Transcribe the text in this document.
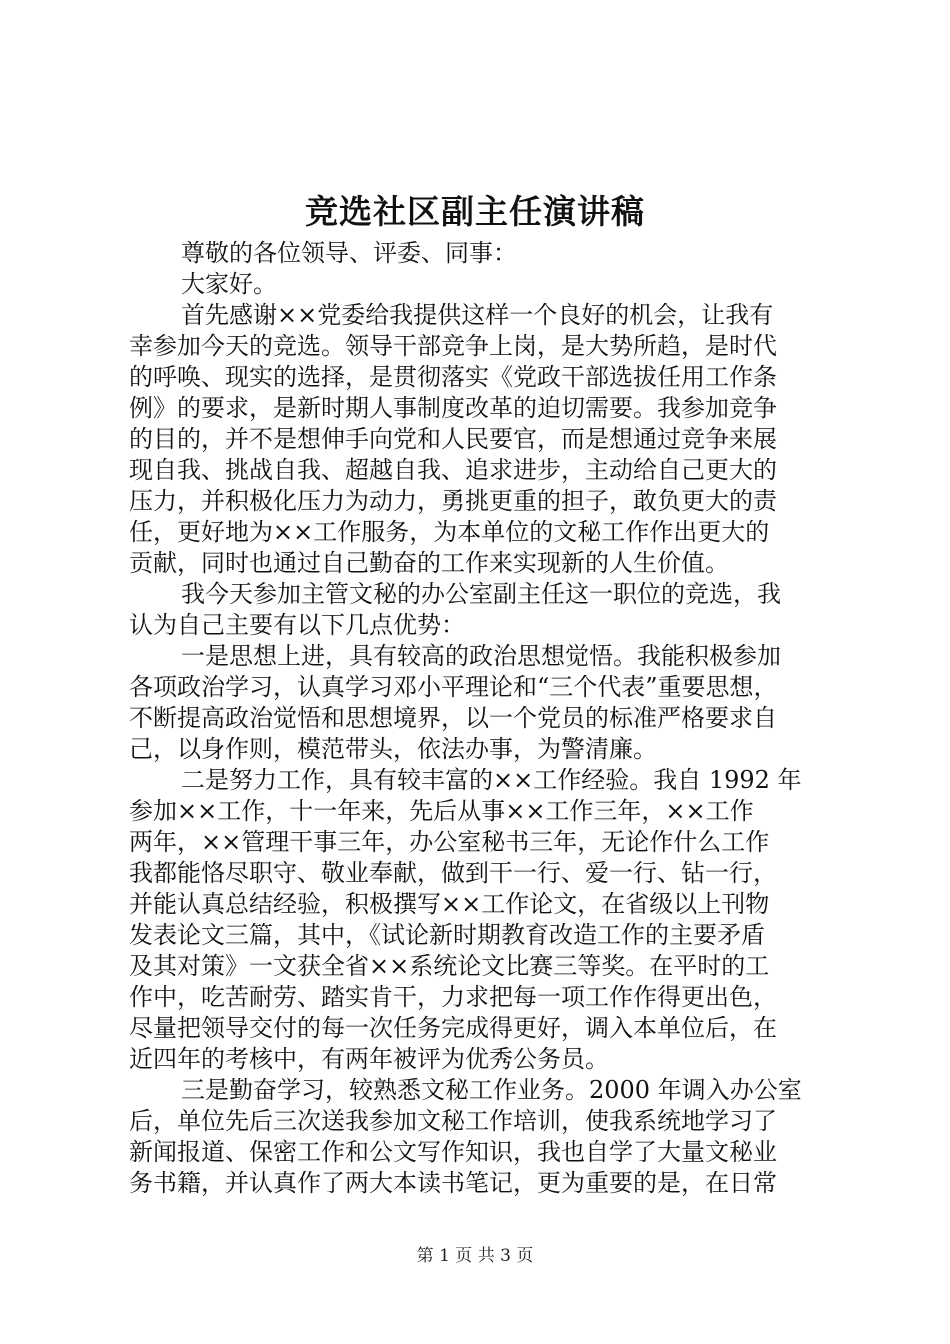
竞选社区副主任演讲稿
尊敬的各位领导、评委、同事：
大家好。
首先感谢××党委给我提供这样一个良好的机会，让我有
幸参加今天的竞选。领导干部竞争上岗，是大势所趋，是时代
的呼唤、现实的选择，是贯彻落实《党政干部选拔任用工作条
例》的要求，是新时期人事制度改革的迫切需要。我参加竞争
的目的，并不是想伸手向党和人民要官，而是想通过竞争来展
现自我、挑战自我、超越自我、追求进步，主动给自己更大的
压力，并积极化压力为动力，勇挑更重的担子，敢负更大的责
任，更好地为××工作服务，为本单位的文秘工作作出更大的
贡献，同时也通过自己勤奋的工作来实现新的人生价值。
我今天参加主管文秘的办公室副主任这一职位的竞选，我
认为自己主要有以下几点优势：
一是思想上进，具有较高的政治思想觉悟。我能积极参加
各项政治学习，认真学习邓小平理论和“三个代表”重要思想，
不断提高政治觉悟和思想境界，以一个党员的标准严格要求自
己，以身作则，模范带头，依法办事，为警清廉。
二是努力工作，具有较丰富的××工作经验。我自 1992 年
参加××工作，十一年来，先后从事××工作三年，××工作
两年，××管理干事三年，办公室秘书三年，无论作什么工作
我都能恪尽职守、敬业奉献，做到干一行、爱一行、钻一行，
并能认真总结经验，积极撰写××工作论文，在省级以上刊物
发表论文三篇，其中，《试论新时期教育改造工作的主要矛盾
及其对策》一文获全省××系统论文比赛三等奖。在平时的工
作中，吃苦耐劳、踏实肯干，力求把每一项工作作得更出色，
尽量把领导交付的每一次任务完成得更好，调入本单位后，在
近四年的考核中，有两年被评为优秀公务员。
三是勤奋学习，较熟悉文秘工作业务。2000 年调入办公室
后，单位先后三次送我参加文秘工作培训，使我系统地学习了
新闻报道、保密工作和公文写作知识，我也自学了大量文秘业
务书籍，并认真作了两大本读书笔记，更为重要的是，在日常
第 1 页 共 3 页
